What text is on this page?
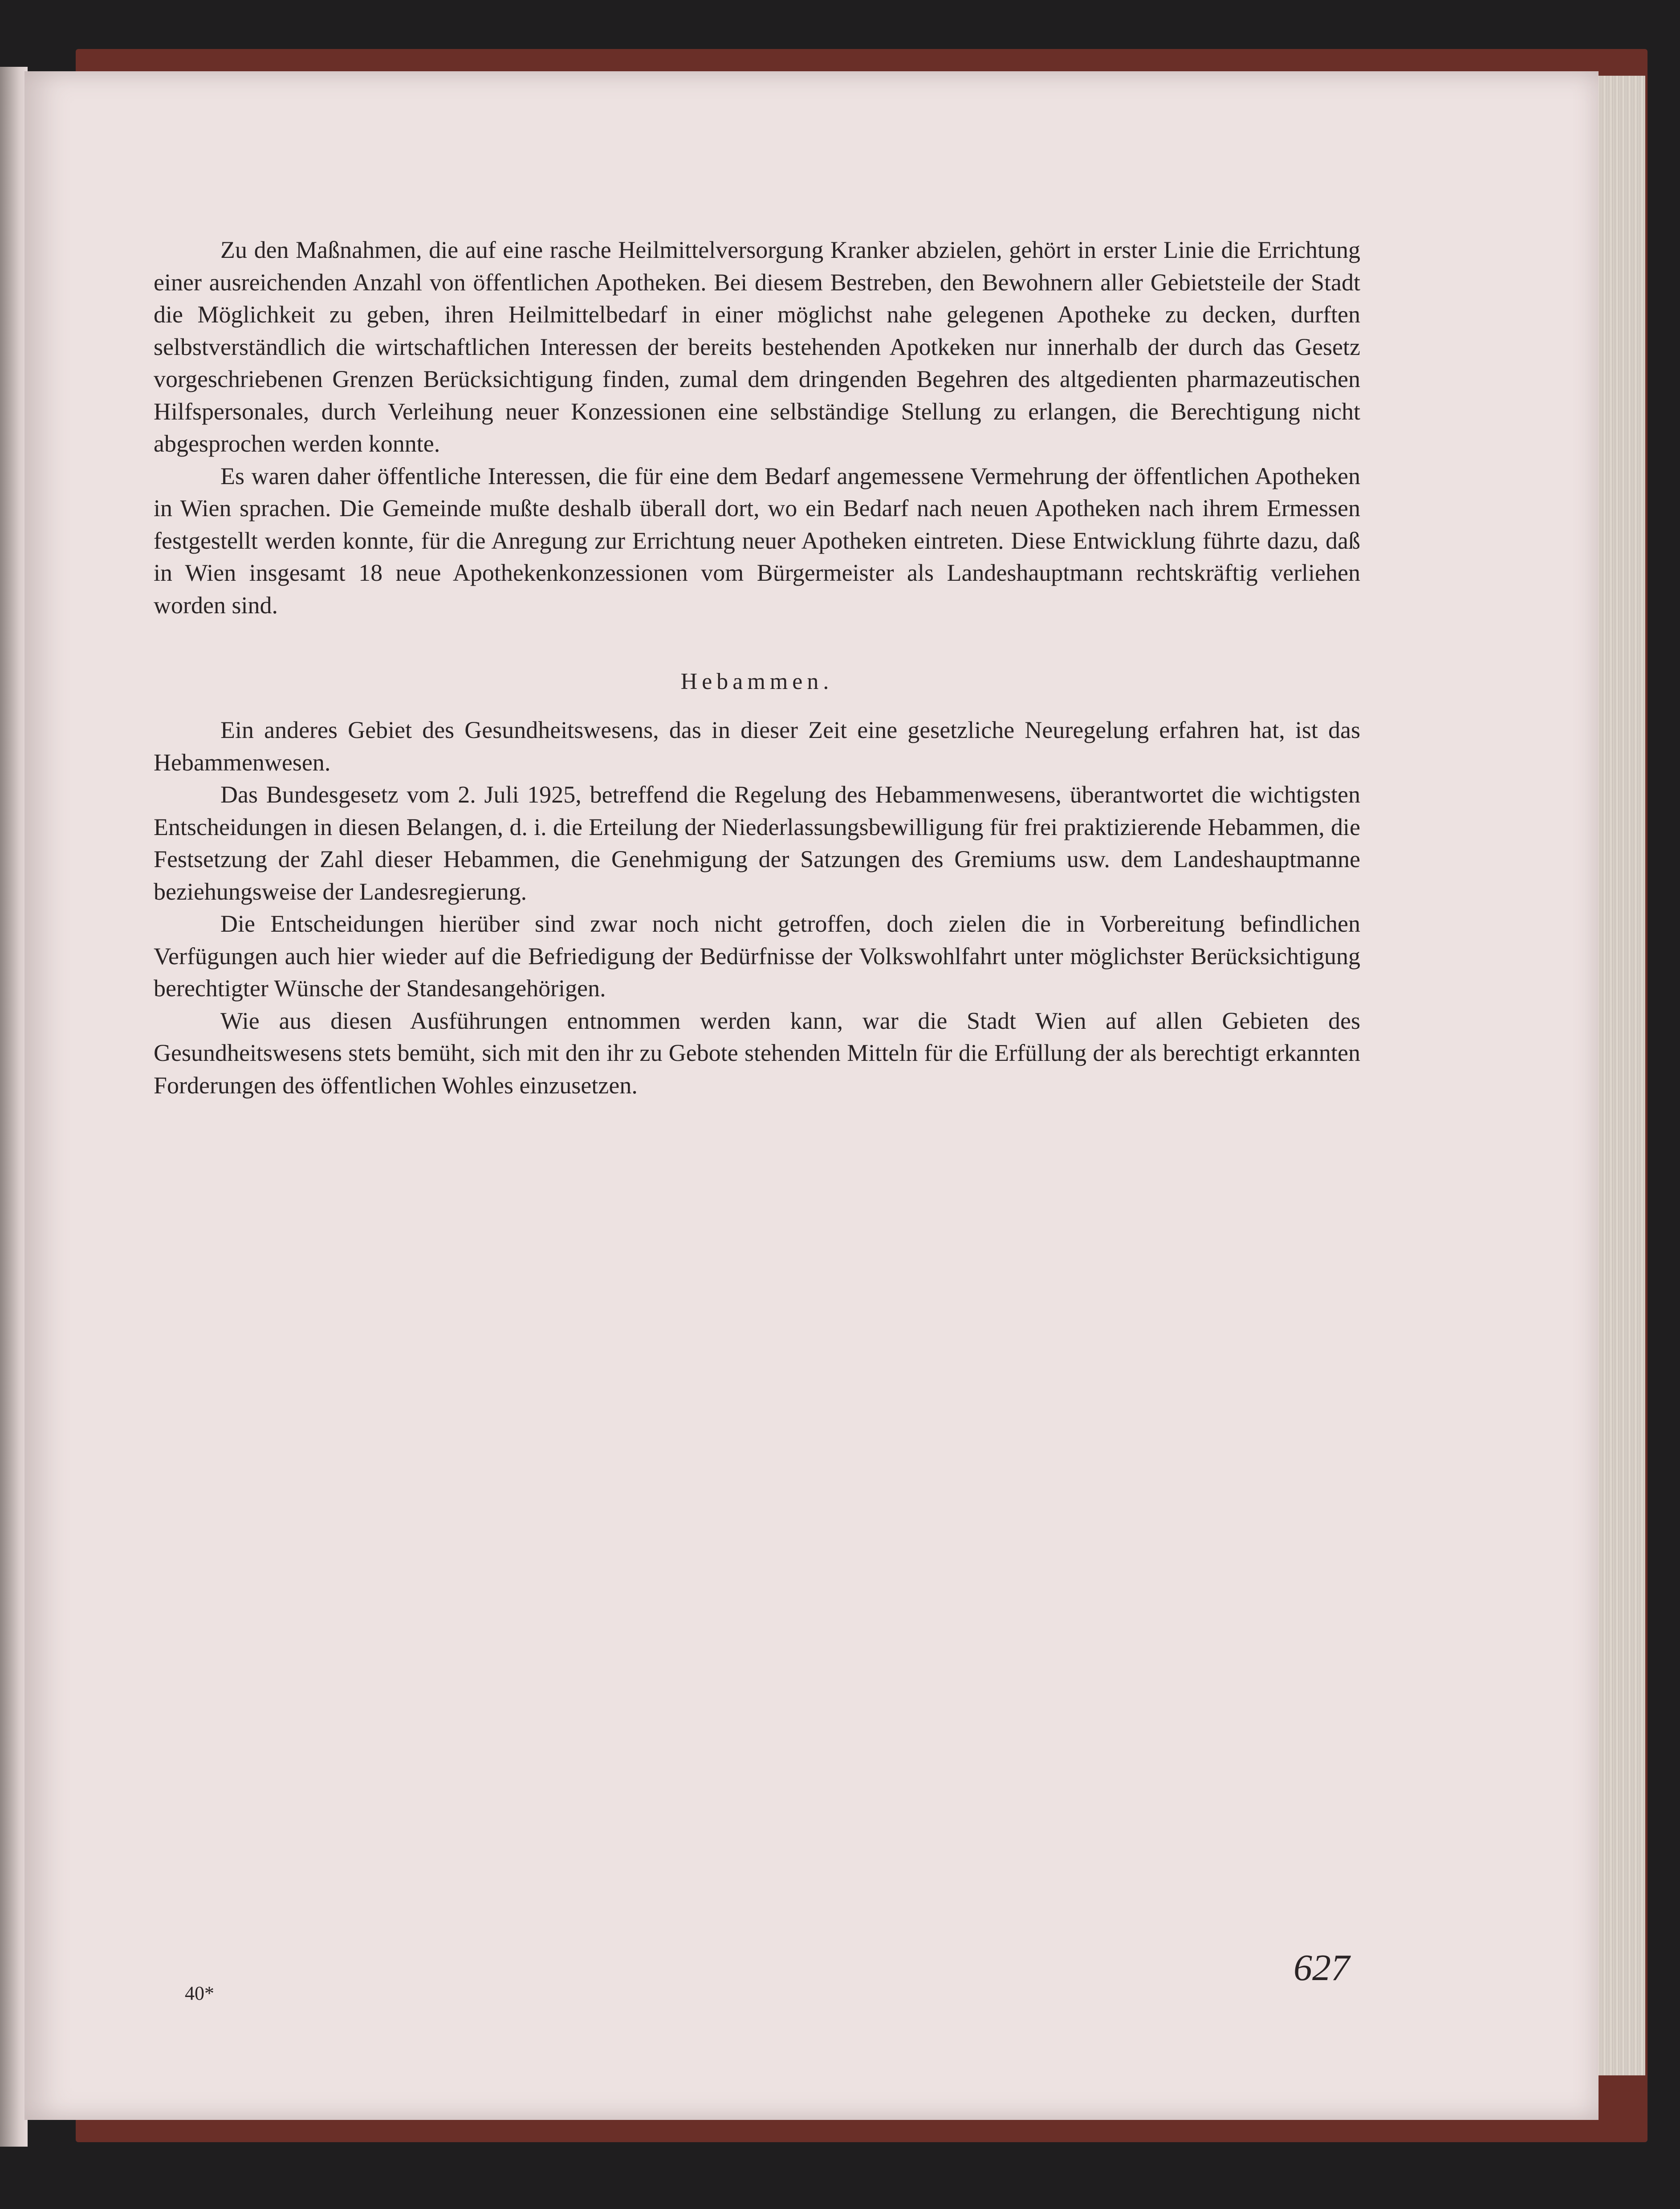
Zu den Maßnahmen, die auf eine rasche Heilmittelversorgung Kranker abzielen, gehört in erster Linie die Errichtung einer ausreichenden Anzahl von öffentlichen Apotheken. Bei diesem Bestreben, den Bewohnern aller Gebietsteile der Stadt die Möglichkeit zu geben, ihren Heilmittelbedarf in einer möglichst nahe gelegenen Apotheke zu decken, durften selbstverständlich die wirtschaftlichen Interessen der bereits bestehenden Apotkeken nur innerhalb der durch das Gesetz vorgeschriebenen Grenzen Berücksichtigung finden, zumal dem dringenden Begehren des altgedienten pharmazeutischen Hilfspersonales, durch Verleihung neuer Konzessionen eine selbständige Stellung zu erlangen, die Berechtigung nicht abgesprochen werden konnte.

Es waren daher öffentliche Interessen, die für eine dem Bedarf angemessene Vermehrung der öffentlichen Apotheken in Wien sprachen. Die Gemeinde mußte deshalb überall dort, wo ein Bedarf nach neuen Apotheken nach ihrem Ermessen festgestellt werden konnte, für die Anregung zur Errichtung neuer Apotheken eintreten. Diese Entwicklung führte dazu, daß in Wien insgesamt 18 neue Apothekenkonzessionen vom Bürgermeister als Landeshauptmann rechtskräftig verliehen worden sind.

Hebammen.

Ein anderes Gebiet des Gesundheitswesens, das in dieser Zeit eine gesetzliche Neuregelung erfahren hat, ist das Hebammenwesen.

Das Bundesgesetz vom 2. Juli 1925, betreffend die Regelung des Hebammenwesens, überantwortet die wichtigsten Entscheidungen in diesen Belangen, d. i. die Erteilung der Niederlassungsbewilligung für frei praktizierende Hebammen, die Festsetzung der Zahl dieser Hebammen, die Genehmigung der Satzungen des Gremiums usw. dem Landeshauptmanne beziehungsweise der Landesregierung.

Die Entscheidungen hierüber sind zwar noch nicht getroffen, doch zielen die in Vorbereitung befindlichen Verfügungen auch hier wieder auf die Befriedigung der Bedürfnisse der Volkswohlfahrt unter möglichster Berücksichtigung berechtigter Wünsche der Standesangehörigen.

Wie aus diesen Ausführungen entnommen werden kann, war die Stadt Wien auf allen Gebieten des Gesundheitswesens stets bemüht, sich mit den ihr zu Gebote stehenden Mitteln für die Erfüllung der als berechtigt erkannten Forderungen des öffentlichen Wohles einzusetzen.

40*
627
